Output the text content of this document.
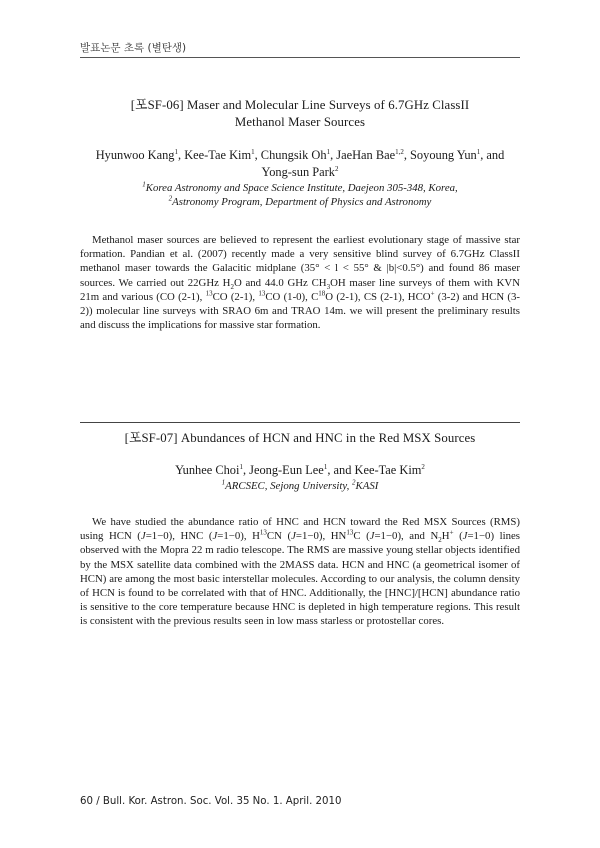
발표논문 초록 (별탄생)
[포SF-06] Maser and Molecular Line Surveys of 6.7GHz ClassII
Methanol Maser Sources
Hyunwoo Kang$^1$, Kee-Tae Kim$^1$, Chungsik Oh$^1$, JaeHan Bae$^{1,2}$, Soyoung Yun$^1$, and Yong-sun Park$^2$
$^1$Korea Astronomy and Space Science Institute, Daejeon 305-348, Korea,
$^2$Astronomy Program, Department of Physics and Astronomy
Methanol maser sources are believed to represent the earliest evolutionary stage of massive star formation. Pandian et al. (2007) recently made a very sensitive blind survey of 6.7GHz ClassII methanol maser towards the Galacitic midplane (35° < l < 55° & |b|<0.5°) and found 86 maser sources. We carried out 22GHz $H_2O$ and 44.0 GHz $CH_3OH$ maser line surveys of them with KVN 21m and various (CO (2-1), $^{13}$CO (2-1), $^{13}$CO (1-0), $C^{18}O$ (2-1), CS (2-1), HCO+ (3-2) and HCN (3-2)) molecular line surveys with SRAO 6m and TRAO 14m. we will present the preliminary results and discuss the implications for massive star formation.
[포SF-07] Abundances of HCN and HNC in the Red MSX Sources
Yunhee Choi$^1$, Jeong-Eun Lee$^1$, and Kee-Tae Kim$^2$
$^1$ARCSEC, Sejong University, $^2$KASI
We have studied the abundance ratio of HNC and HCN toward the Red MSX Sources (RMS) using HCN (J=1−0), HNC (J=1−0), $H^{13}CN$ (J=1−0), HN$^{13}$C (J=1−0), and $N_2H^+$ (J=1−0) lines observed with the Mopra 22 m radio telescope. The RMS are massive young stellar objects identified by the MSX satellite data combined with the 2MASS data. HCN and HNC (a geometrical isomer of HCN) are among the most basic interstellar molecules. According to our analysis, the column density of HCN is found to be correlated with that of HNC. Additionally, the [HNC]/[HCN] abundance ratio is sensitive to the core temperature because HNC is depleted in high temperature regions. This result is consistent with the previous results seen in low mass starless or protostellar cores.
60 / Bull. Kor. Astron. Soc. Vol. 35 No. 1. April. 2010
